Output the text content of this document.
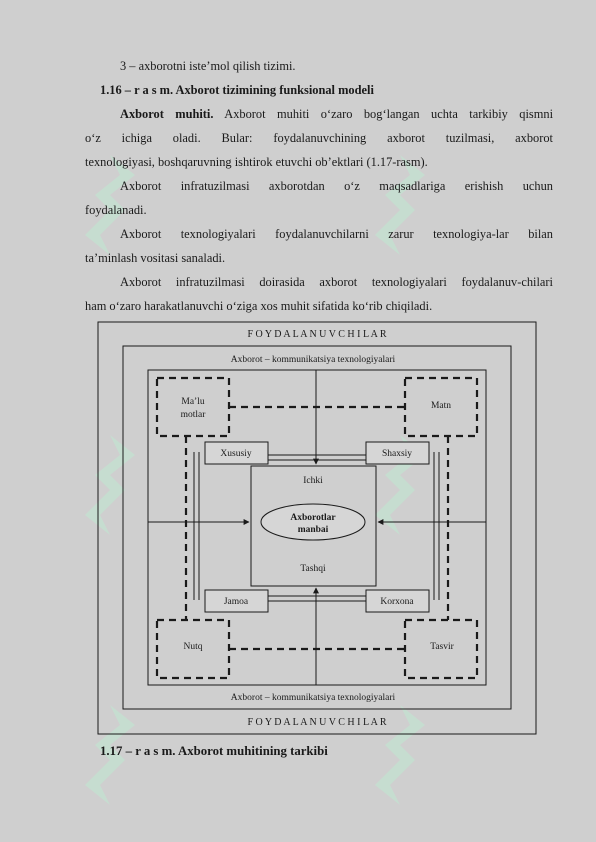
3 – axborotni iste’mol qilish tizimi.
1.16 – r a s m. Axborot tizimining funksional modeli
Axborot muhiti. Axborot muhiti o‘zaro bog‘langan uchta tarkibiy qismni
o‘z ichiga oladi. Bular: foydalanuvchining axborot tuzilmasi, axborot
texnologiyasi, boshqaruvning ishtirok etuvchi ob’ektlari (1.17-rasm).
Axborot infratuzilmasi axborotdan o‘z maqsadlariga erishish uchun
foydalanadi.
Axborot texnologiyalari foydalanuvchilarni zarur texnologiya-lar bilan
ta’minlash vositasi sanaladi.
Axborot infratuzilmasi doirasida axborot texnologiyalari foydalanuv-chilari
ham o‘zaro harakatlanuvchi o‘ziga xos muhit sifatida ko‘rib chiqiladi.
F O Y D A L A N U V C H I L A R
F O Y D A L A N U V C H I L A R
Axborot – kommunikatsiya texnologiyalari
Axborot – kommunikatsiya texnologiyalari
Ma’lu
motlar
Matn
Nutq	Tasvir
Xususiy	Shaxsiy
Jamoa	Korxona
Ichki
Tashqi
Axborotlar
manbai
1.17 – r a s m. Axborot muhitining tarkibi
